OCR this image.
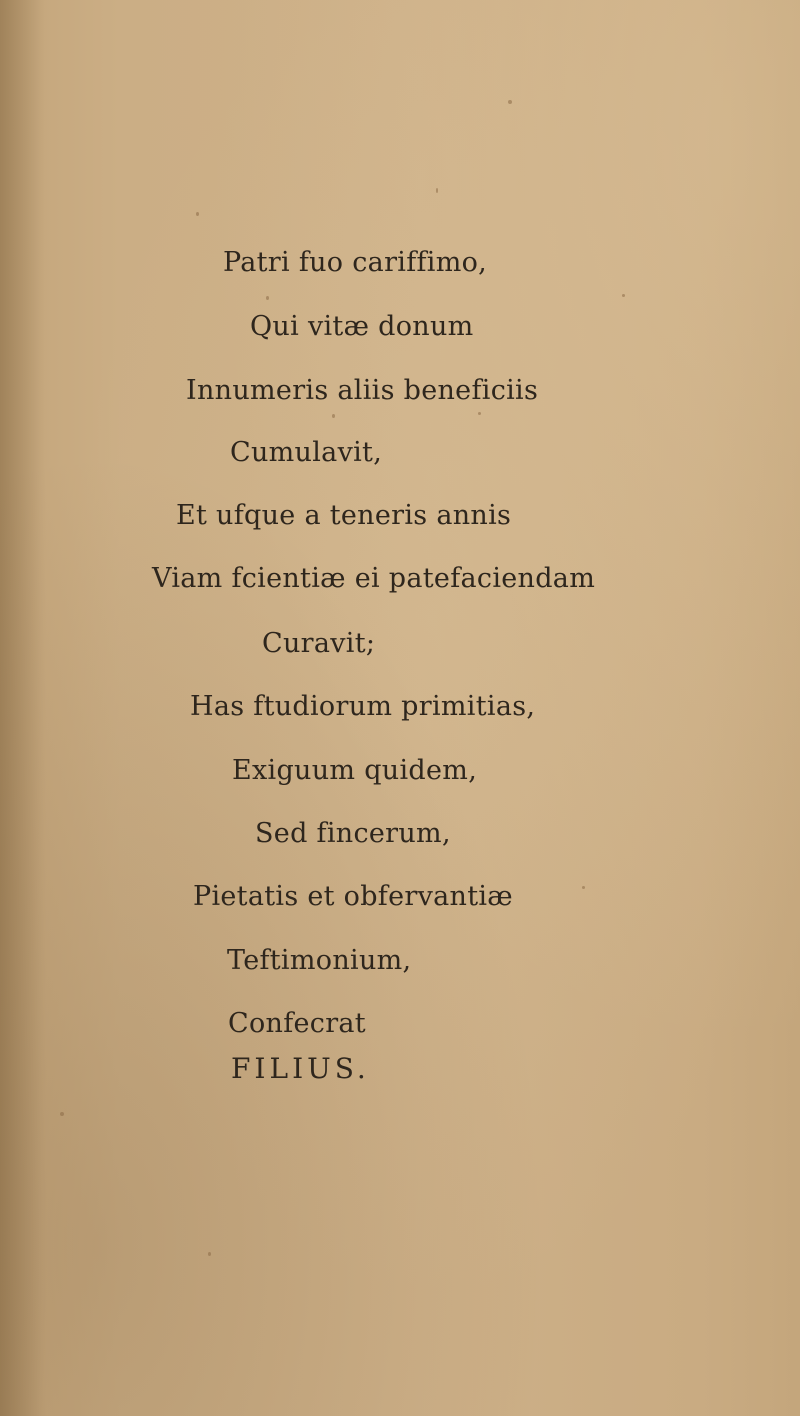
Patri fuo cariffimo,
Qui vitæ donum
Innumeris aliis beneficiis
Cumulavit,
Et ufque a teneris annis
Viam fcientiæ ei patefaciendam
Curavit;
Has ftudiorum primitias,
Exiguum quidem,
Sed fincerum,
Pietatis et obfervantiæ
Teftimonium,
Confecrat
FILIUS.
